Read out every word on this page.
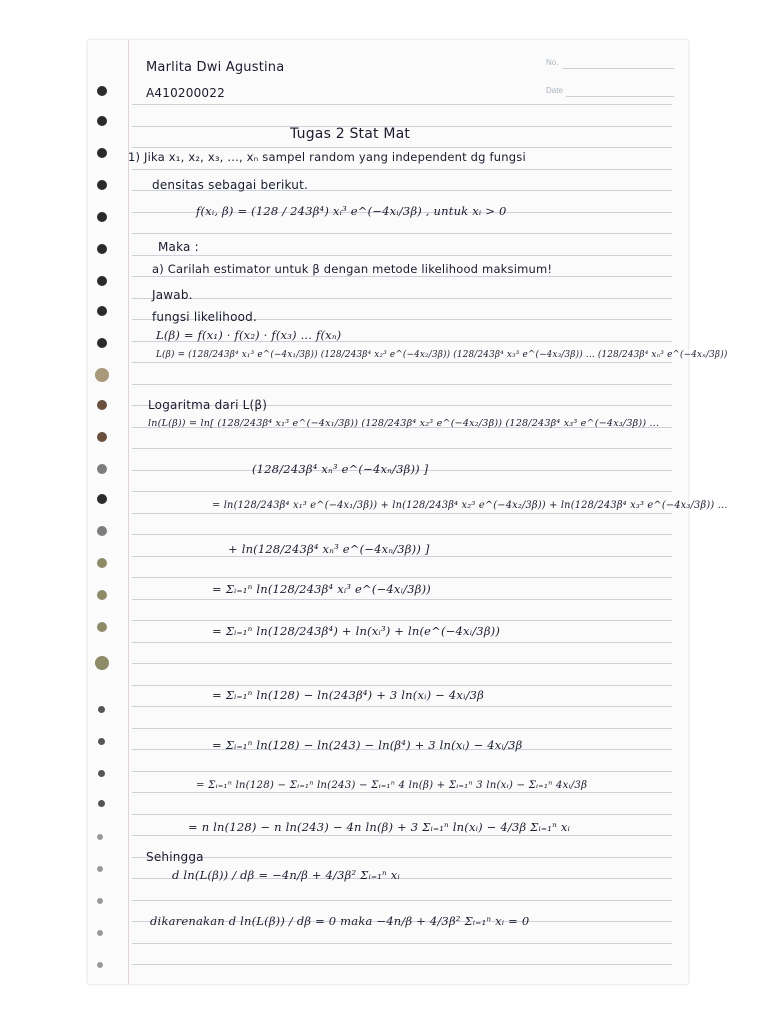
No.
Date
Marlita Dwi Agustina
A410200022
Tugas 2 Stat Mat
1) Jika x₁, x₂, x₃, ..., xₙ sampel random yang independent dg fungsi
densitas sebagai berikut.
f(xᵢ, β) = (128 / 243β⁴) xᵢ³ e^(−4xᵢ/3β) , untuk xᵢ > 0
Maka :
a) Carilah estimator untuk β dengan metode likelihood maksimum!
Jawab.
fungsi likelihood.
L(β) = f(x₁) · f(x₂) · f(x₃) ... f(xₙ)
L(β) = (128/243β⁴ x₁³ e^(−4x₁/3β)) (128/243β⁴ x₂³ e^(−4x₂/3β)) (128/243β⁴ x₃³ e^(−4x₃/3β)) ... (128/243β⁴ xₙ³ e^(−4xₙ/3β))
Logaritma dari L(β)
ln(L(β)) = ln[ (128/243β⁴ x₁³ e^(−4x₁/3β)) (128/243β⁴ x₂³ e^(−4x₂/3β)) (128/243β⁴ x₃³ e^(−4x₃/3β)) ...
(128/243β⁴ xₙ³ e^(−4xₙ/3β)) ]
= ln(128/243β⁴ x₁³ e^(−4x₁/3β)) + ln(128/243β⁴ x₂³ e^(−4x₂/3β)) + ln(128/243β⁴ x₃³ e^(−4x₃/3β)) ...
+ ln(128/243β⁴ xₙ³ e^(−4xₙ/3β)) ]
= Σᵢ₌₁ⁿ ln(128/243β⁴ xᵢ³ e^(−4xᵢ/3β))
= Σᵢ₌₁ⁿ ln(128/243β⁴) + ln(xᵢ³) + ln(e^(−4xᵢ/3β))
= Σᵢ₌₁ⁿ ln(128) − ln(243β⁴) + 3 ln(xᵢ) − 4xᵢ/3β
= Σᵢ₌₁ⁿ ln(128) − ln(243) − ln(β⁴) + 3 ln(xᵢ) − 4xᵢ/3β
= Σᵢ₌₁ⁿ ln(128) − Σᵢ₌₁ⁿ ln(243) − Σᵢ₌₁ⁿ 4 ln(β) + Σᵢ₌₁ⁿ 3 ln(xᵢ) − Σᵢ₌₁ⁿ 4xᵢ/3β
= n ln(128) − n ln(243) − 4n ln(β) + 3 Σᵢ₌₁ⁿ ln(xᵢ) − 4/3β Σᵢ₌₁ⁿ xᵢ
Sehingga
d ln(L(β)) / dβ = −4n/β + 4/3β² Σᵢ₌₁ⁿ xᵢ
dikarenakan d ln(L(β)) / dβ = 0 maka −4n/β + 4/3β² Σᵢ₌₁ⁿ xᵢ = 0
